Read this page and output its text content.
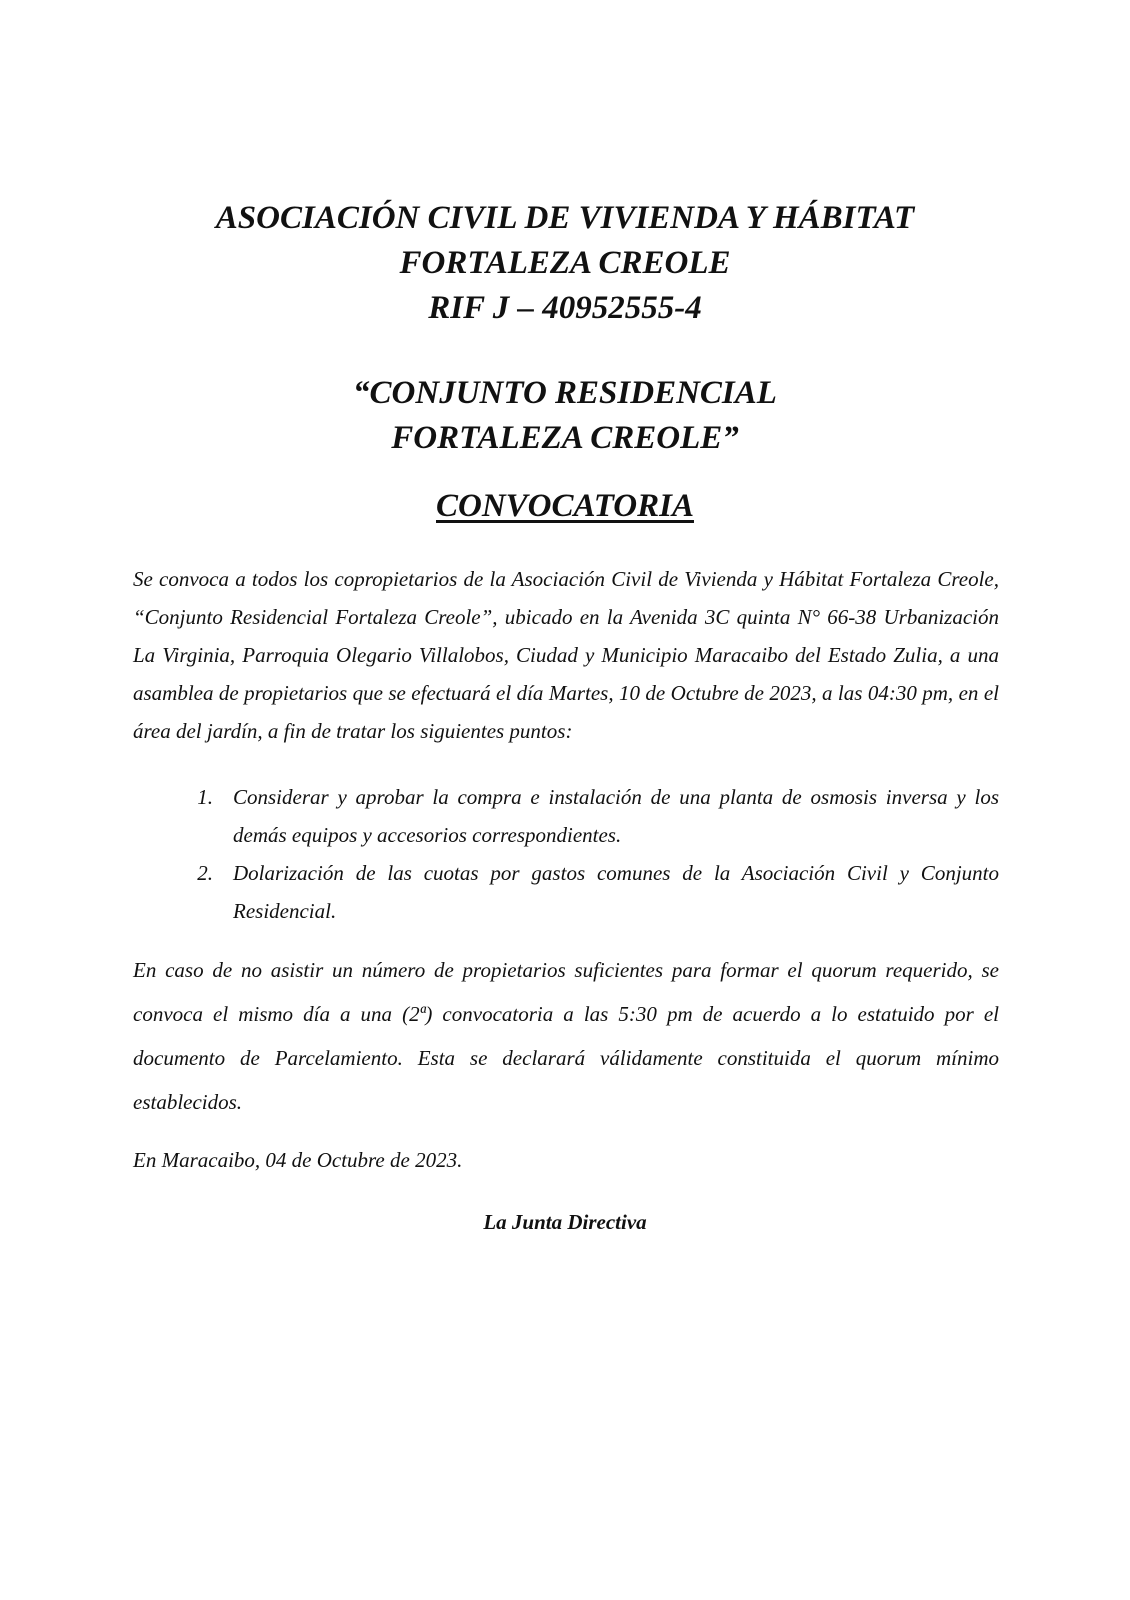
ASOCIACIÓN CIVIL DE VIVIENDA Y HÁBITAT
FORTALEZA CREOLE
RIF J – 40952555-4
“CONJUNTO RESIDENCIAL
FORTALEZA CREOLE”
CONVOCATORIA
Se convoca a todos los copropietarios de la Asociación Civil de Vivienda y Hábitat Fortaleza Creole, “Conjunto Residencial Fortaleza Creole”, ubicado en la Avenida 3C quinta N° 66-38 Urbanización La Virginia, Parroquia Olegario Villalobos, Ciudad y Municipio Maracaibo del Estado Zulia, a una asamblea de propietarios que se efectuará el día Martes, 10 de Octubre de 2023, a las 04:30 pm, en el área del jardín, a fin de tratar los siguientes puntos:
1. Considerar y aprobar la compra e instalación de una planta de osmosis inversa y los demás equipos y accesorios correspondientes.
2. Dolarización de las cuotas por gastos comunes de la Asociación Civil y Conjunto Residencial.
En caso de no asistir un número de propietarios suficientes para formar el quorum requerido, se convoca el mismo día a una (2ª) convocatoria a las 5:30 pm de acuerdo a lo estatuido por el documento de Parcelamiento. Esta se declarará válidamente constituida el quorum mínimo establecidos.
En Maracaibo, 04 de Octubre de 2023.
La Junta Directiva
